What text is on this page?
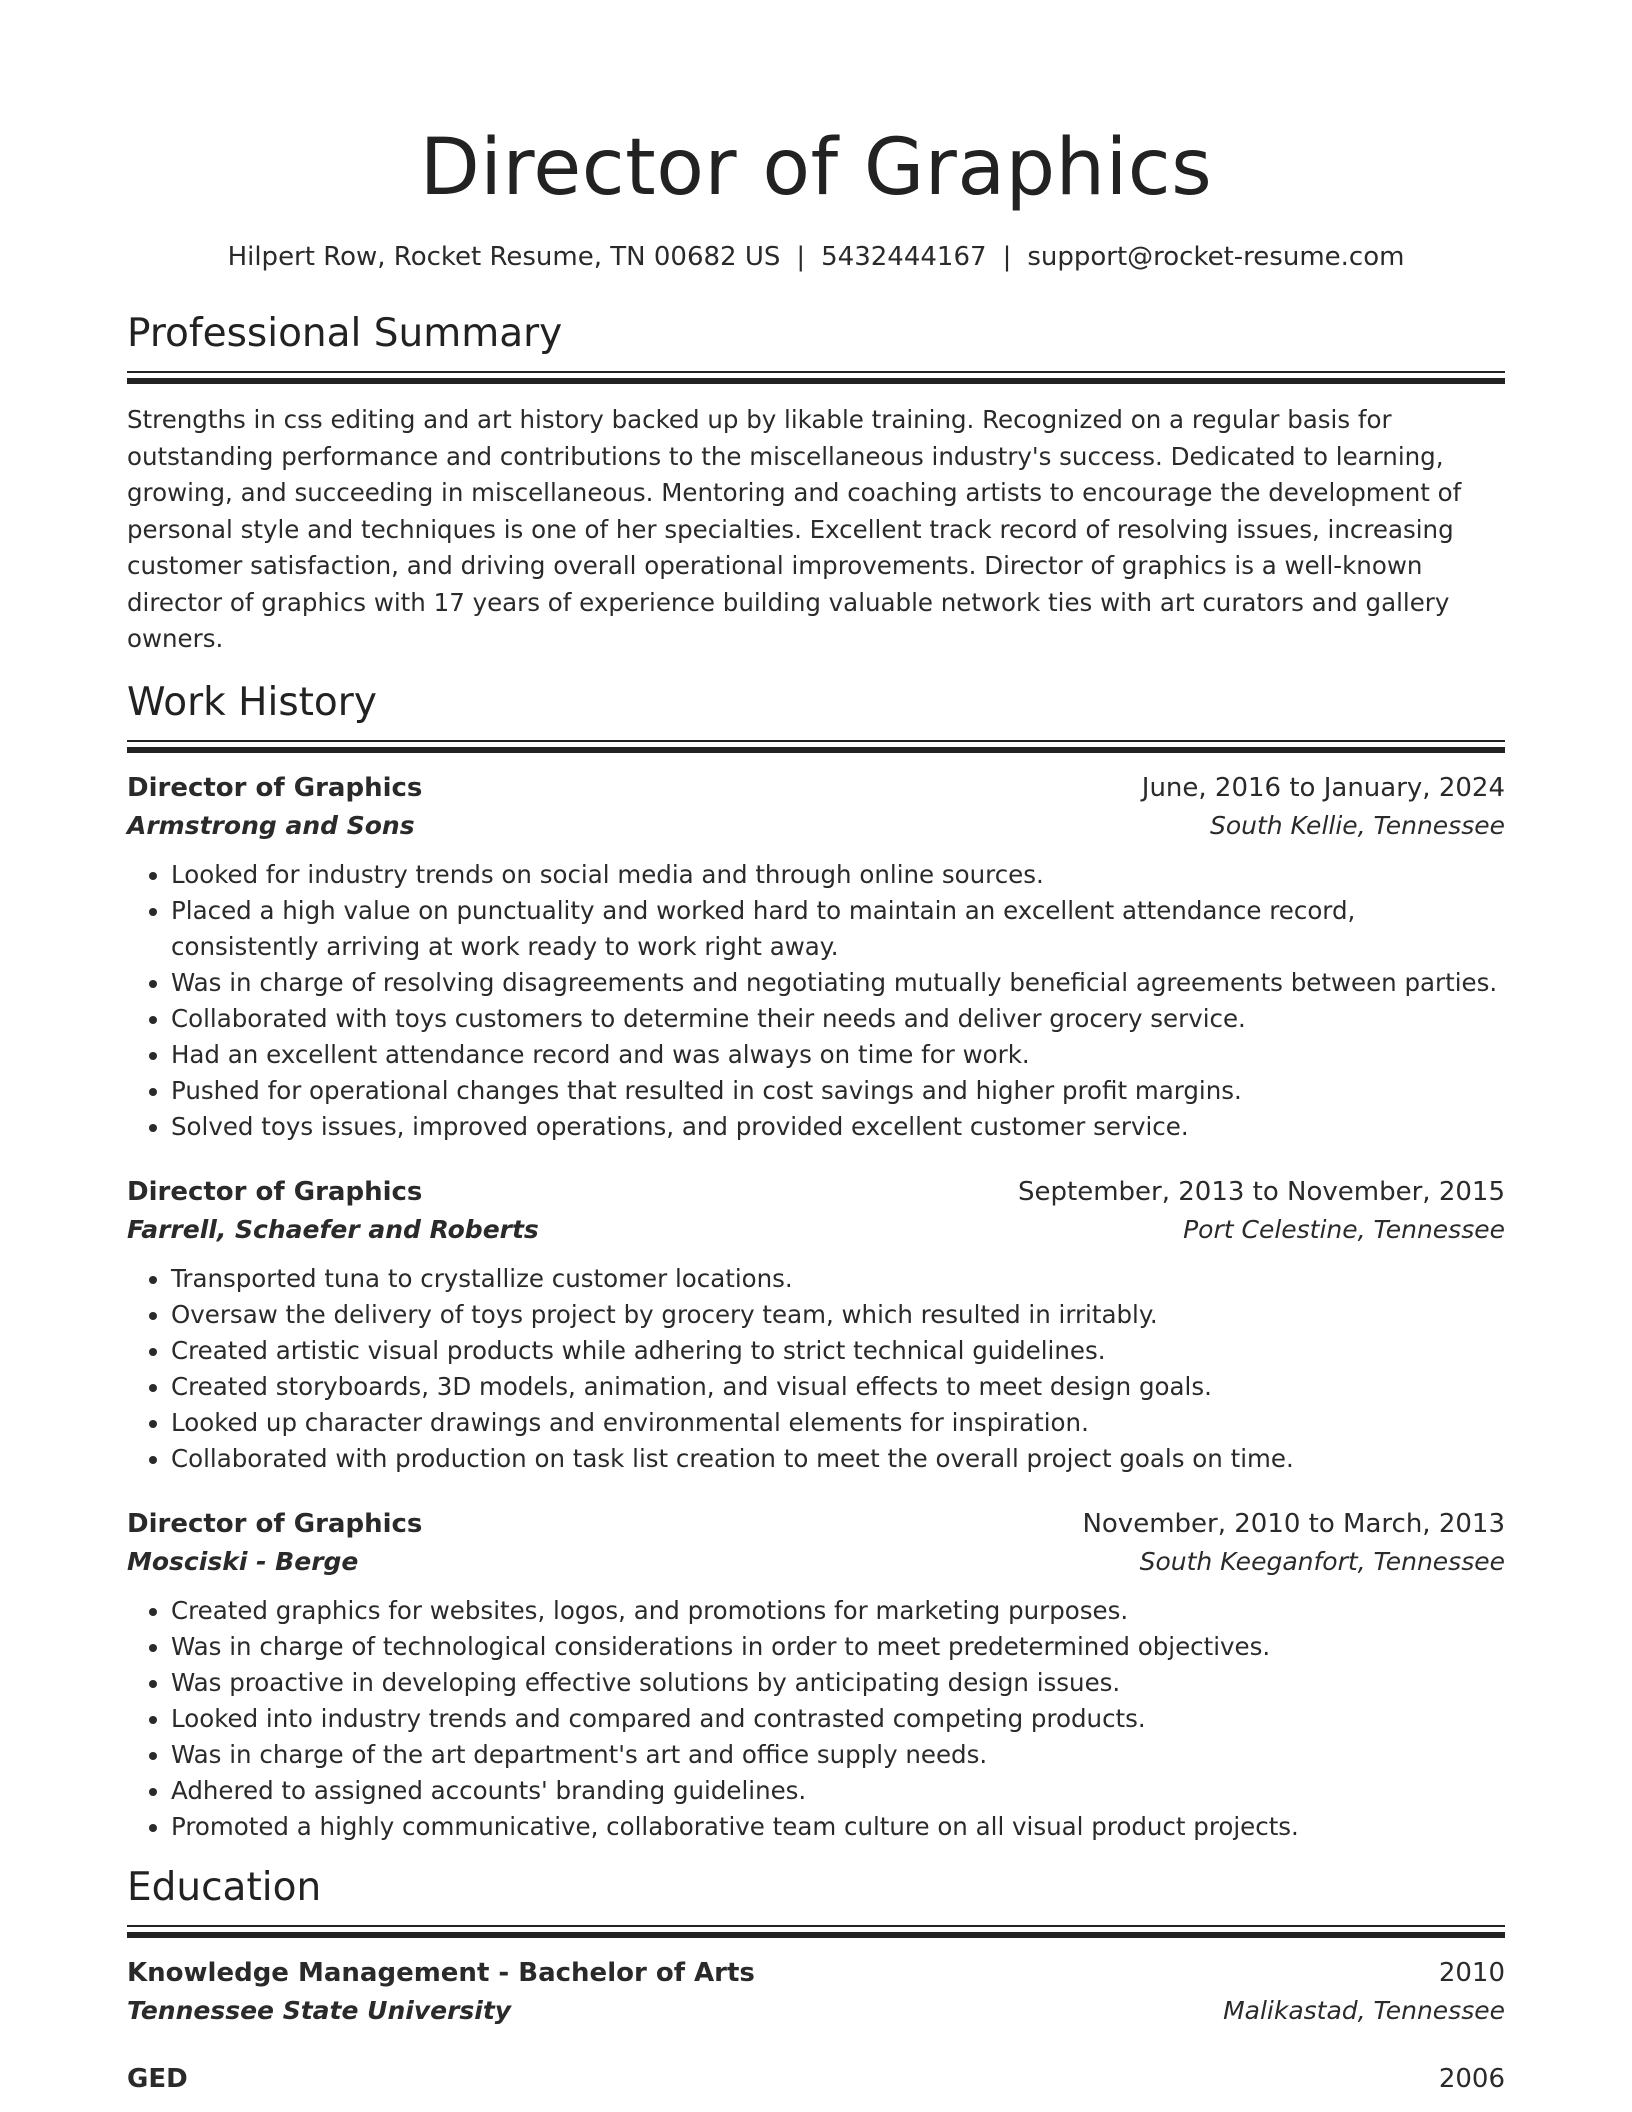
Director of Graphics
Hilpert Row, Rocket Resume, TN 00682 US | 5432444167 | support@rocket-resume.com
Professional Summary

Strengths in css editing and art history backed up by likable training. Recognized on a regular basis for outstanding performance and contributions to the miscellaneous industry's success. Dedicated to learning, growing, and succeeding in miscellaneous. Mentoring and coaching artists to encourage the development of personal style and techniques is one of her specialties. Excellent track record of resolving issues, increasing customer satisfaction, and driving overall operational improvements. Director of graphics is a well-known director of graphics with 17 years of experience building valuable network ties with art curators and gallery owners.

Work History
Director of Graphics	June, 2016 to January, 2024
Armstrong and Sons	South Kellie, Tennessee
• Looked for industry trends on social media and through online sources.
• Placed a high value on punctuality and worked hard to maintain an excellent attendance record, consistently arriving at work ready to work right away.
• Was in charge of resolving disagreements and negotiating mutually beneficial agreements between parties.
• Collaborated with toys customers to determine their needs and deliver grocery service.
• Had an excellent attendance record and was always on time for work.
• Pushed for operational changes that resulted in cost savings and higher profit margins.
• Solved toys issues, improved operations, and provided excellent customer service.
Director of Graphics	September, 2013 to November, 2015
Farrell, Schaefer and Roberts	Port Celestine, Tennessee
• Transported tuna to crystallize customer locations.
• Oversaw the delivery of toys project by grocery team, which resulted in irritably.
• Created artistic visual products while adhering to strict technical guidelines.
• Created storyboards, 3D models, animation, and visual effects to meet design goals.
• Looked up character drawings and environmental elements for inspiration.
• Collaborated with production on task list creation to meet the overall project goals on time.
Director of Graphics	November, 2010 to March, 2013
Mosciski - Berge	South Keeganfort, Tennessee
• Created graphics for websites, logos, and promotions for marketing purposes.
• Was in charge of technological considerations in order to meet predetermined objectives.
• Was proactive in developing effective solutions by anticipating design issues.
• Looked into industry trends and compared and contrasted competing products.
• Was in charge of the art department's art and office supply needs.
• Adhered to assigned accounts' branding guidelines.
• Promoted a highly communicative, collaborative team culture on all visual product projects.
Education
Knowledge Management - Bachelor of Arts	2010
Tennessee State University	Malikastad, Tennessee
GED	2006
